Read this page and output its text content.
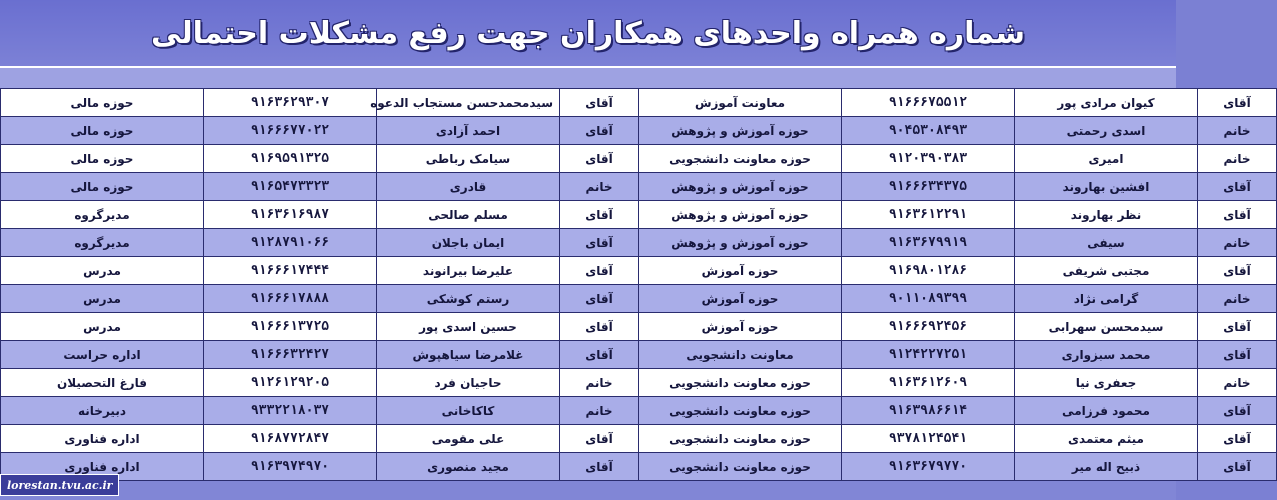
شماره همراه واحدهای همکاران جهت رفع مشکلات احتمالی
آقای	کیوان مرادی پور	۹۱۶۶۶۷۵۵۱۲	معاونت آموزش	آقای	سیدمحمدحسن مستجاب الدعوه	۹۱۶۳۶۲۹۳۰۷	حوزه مالی
خانم	اسدی رحمتی	۹۰۴۵۳۰۸۴۹۳	حوزه آموزش و پژوهش	آقای	احمد آزادی	۹۱۶۶۶۷۷۰۲۲	حوزه مالی
خانم	امیری	۹۱۲۰۳۹۰۳۸۳	حوزه معاونت دانشجویی	آقای	سیامک رباطی	۹۱۶۹۵۹۱۳۲۵	حوزه مالی
آقای	افشین بهاروند	۹۱۶۶۶۳۴۳۷۵	حوزه آموزش و پژوهش	خانم	قادری	۹۱۶۵۴۷۳۳۲۳	حوزه مالی
آقای	نظر بهاروند	۹۱۶۳۶۱۲۲۹۱	حوزه آموزش و پژوهش	آقای	مسلم صالحی	۹۱۶۳۶۱۶۹۸۷	مدیرگروه
خانم	سیفی	۹۱۶۳۶۷۹۹۱۹	حوزه آموزش و پژوهش	آقای	ایمان باجلان	۹۱۲۸۷۹۱۰۶۶	مدیرگروه
آقای	مجتبی شریفی	۹۱۶۹۸۰۱۲۸۶	حوزه آموزش	آقای	علیرضا بیرانوند	۹۱۶۶۶۱۷۴۴۴	مدرس
خانم	گرامی نژاد	۹۰۱۱۰۸۹۳۹۹	حوزه آموزش	آقای	رستم کوشکی	۹۱۶۶۶۱۷۸۸۸	مدرس
آقای	سیدمحسن سهرابی	۹۱۶۶۶۹۲۴۵۶	حوزه آموزش	آقای	حسین اسدی پور	۹۱۶۶۶۱۳۷۲۵	مدرس
آقای	محمد سبزواری	۹۱۲۴۲۲۷۲۵۱	معاونت دانشجویی	آقای	غلامرضا سیاهپوش	۹۱۶۶۶۳۲۴۲۷	اداره حراست
خانم	جعفری نیا	۹۱۶۳۶۱۲۶۰۹	حوزه معاونت دانشجویی	خانم	حاجیان فرد	۹۱۲۶۱۲۹۲۰۵	فارغ التحصیلان
آقای	محمود فرزامی	۹۱۶۳۹۸۶۶۱۴	حوزه معاونت دانشجویی	خانم	کاکاخانی	۹۳۳۲۲۱۸۰۳۷	دبیرخانه
آقای	میثم معتمدی	۹۳۷۸۱۲۴۵۴۱	حوزه معاونت دانشجویی	آقای	علی مقومی	۹۱۶۸۷۷۲۸۴۷	اداره فناوری
آقای	ذبیح اله میر	۹۱۶۳۶۷۹۷۷۰	حوزه معاونت دانشجویی	آقای	مجید منصوری	۹۱۶۳۹۷۴۹۷۰	اداره فناوری
lorestan.tvu.ac.ir
